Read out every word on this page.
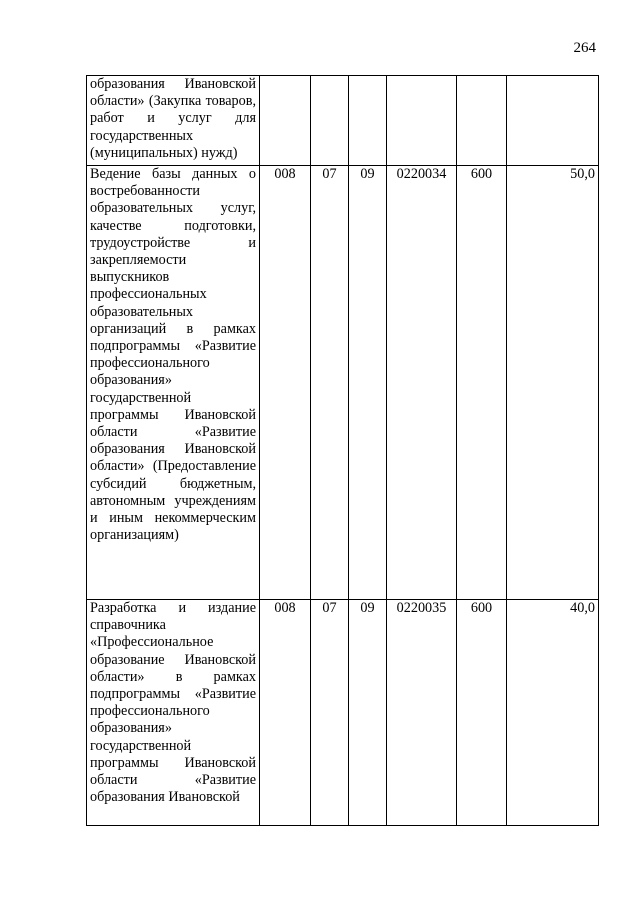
264
образования Ивановской области» (Закупка товаров, работ и услуг для государственных (муниципальных) нужд)						

Ведение базы данных о востребованности образовательных услуг, качестве подготовки, трудоустройстве и закрепляемости выпускников профессиональных образовательных организаций в рамках подпрограммы «Развитие профессионального образования» государственной программы Ивановской области «Развитие образования Ивановской области» (Предоставление субсидий бюджетным, автономным учреждениям и иным некоммерческим организациям)	008	07	09	0220034	600	50,0

Разработка и издание справочника «Профессиональное образование Ивановской области» в рамках подпрограммы «Развитие профессионального образования» государственной программы Ивановской области «Развитие образования Ивановской	008	07	09	0220035	600	40,0
